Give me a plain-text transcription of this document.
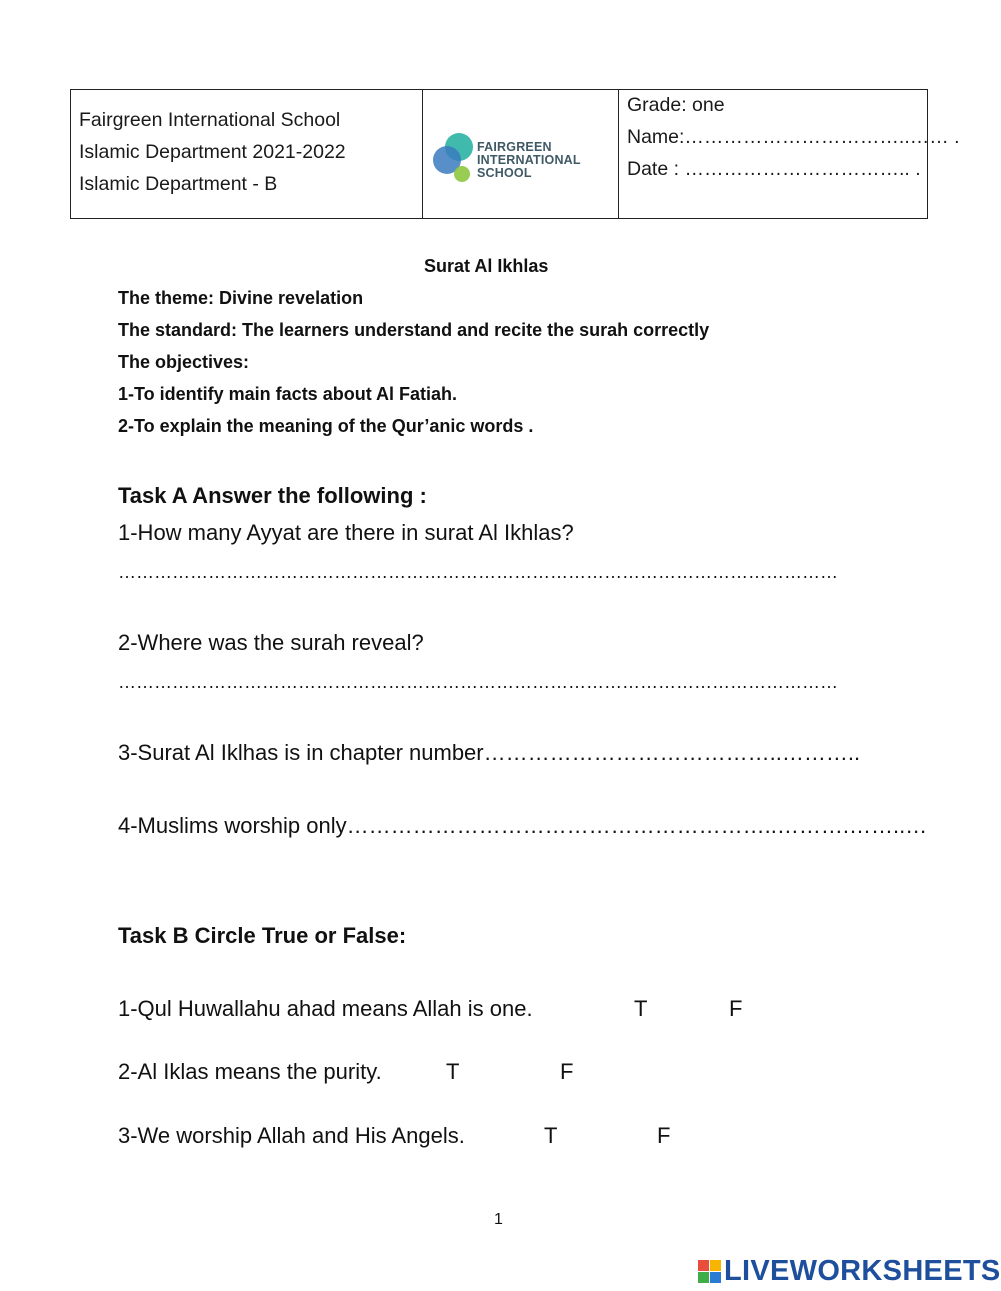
Fairgreen International School
Islamic Department 2021-2022
Islamic Department - B
FAIRGREEN
INTERNATIONAL
SCHOOL
Grade: one
Name:……………………………..…… .
Date : …………………………….. .
Surat Al Ikhlas
The theme: Divine revelation
The standard: The learners understand and recite the surah correctly
The objectives:
1-To identify main facts about Al Fatiah.
2-To explain the meaning of the Qur’anic words .
Task A Answer the following :
1-How many Ayyat are there in surat Al Ikhlas?
…………………………………………………………………………………………………………
2-Where was the surah reveal?
…………………………………………………………………………………………………………
3-Surat Al Iklhas is in chapter number…………………………………..………..
4-Muslims worship only…………………………………………………..……….……..…
Task B Circle True or False:
1-Qul Huwallahu ahad means Allah is one.	T	F
2-Al Iklas means the purity.	T	F
3-We worship Allah and His Angels.	T	F
1
LIVEWORKSHEETS
